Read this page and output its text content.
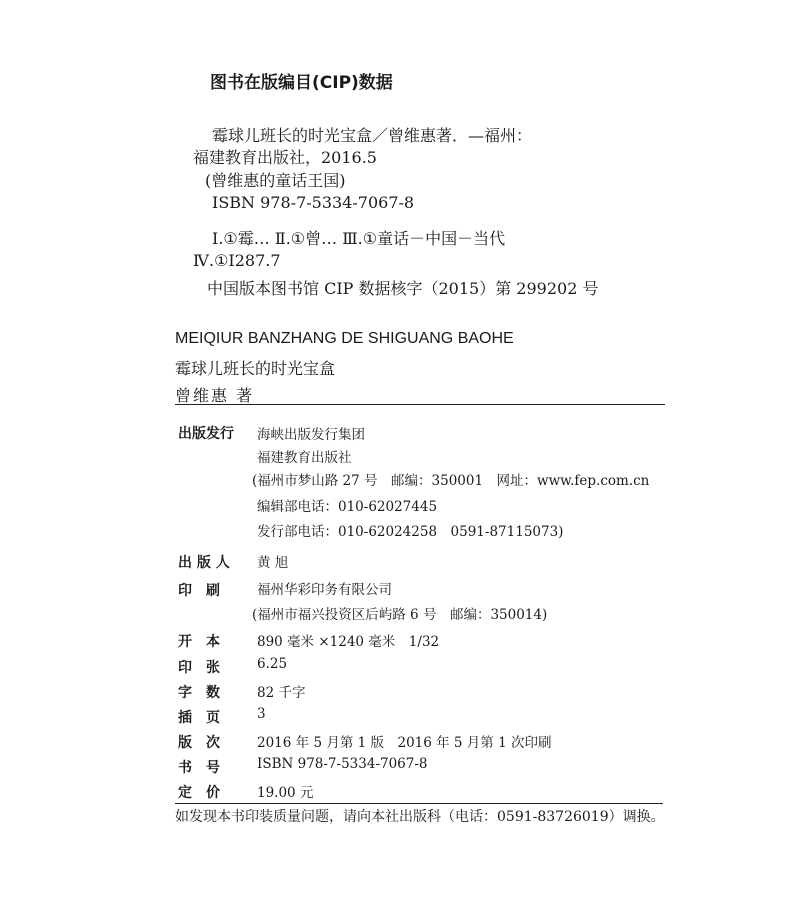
图书在版编目(CIP)数据
霉球儿班长的时光宝盒／曾维惠著．—福州：
福建教育出版社，2016.5
(曾维惠的童话王国)
ISBN 978-7-5334-7067-8
Ⅰ.①霉… Ⅱ.①曾… Ⅲ.①童话－中国－当代
Ⅳ.①I287.7
中国版本图书馆 CIP 数据核字（2015）第 299202 号
MEIQIUR BANZHANG DE SHIGUANG BAOHE
霉球儿班长的时光宝盒
曾维惠 著
出版发行 海峡出版发行集团
福建教育出版社
(福州市梦山路 27 号　邮编：350001　网址：www.fep.com.cn
编辑部电话：010-62027445
发行部电话：010-62024258　0591-87115073)
出 版 人 黄 旭
印　刷	福州华彩印务有限公司
(福州市福兴投资区后屿路 6 号　邮编：350014)
开　本	890 毫米 ×1240 毫米　1/32
印　张	6.25
字　数	82 千字
插　页	3
版　次	2016 年 5 月第 1 版　2016 年 5 月第 1 次印刷
书　号	ISBN 978-7-5334-7067-8
定　价	19.00 元
如发现本书印装质量问题，请向本社出版科（电话：0591-83726019）调换。
